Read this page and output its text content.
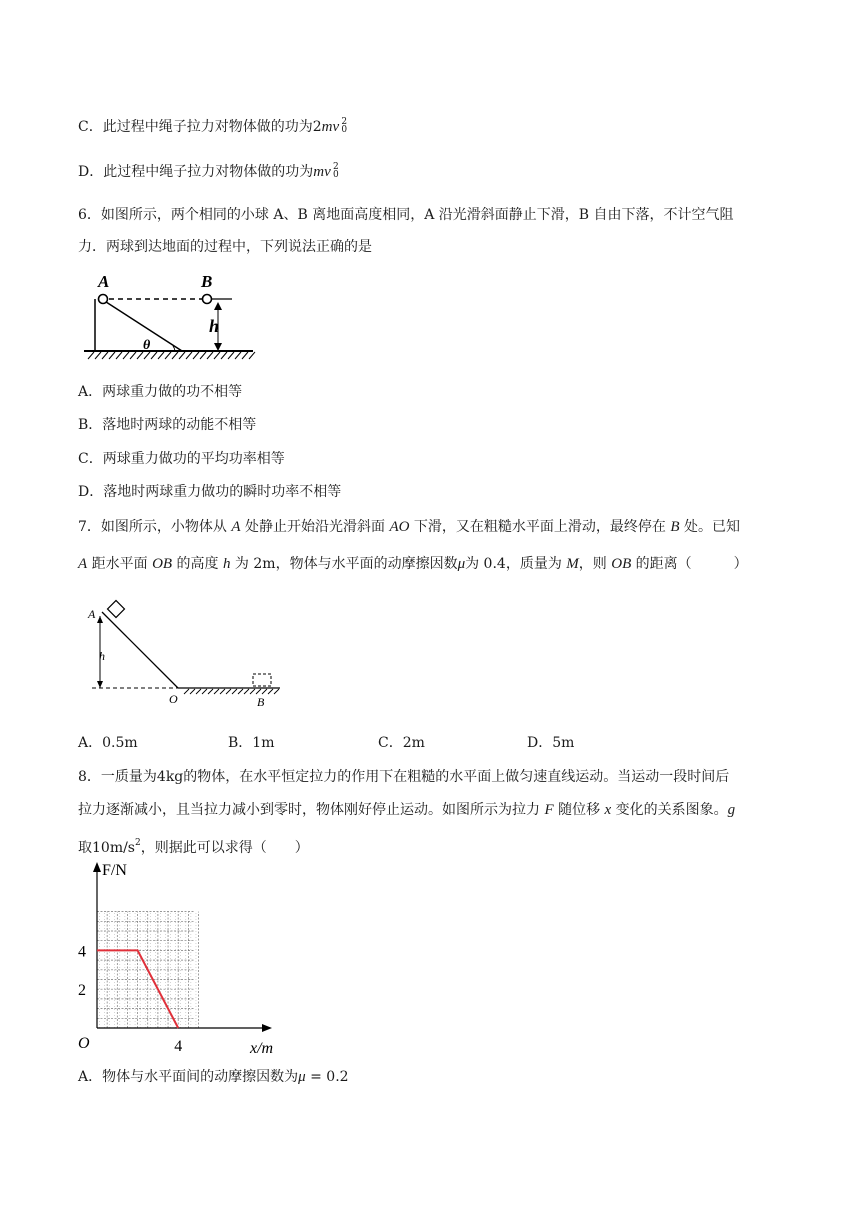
C．此过程中绳子拉力对物体做的功为2mv 2
0
D．此过程中绳子拉力对物体做的功为mv 2
0
6．如图所示，两个相同的小球 A、B 离地面高度相同，A 沿光滑斜面静止下滑，B 自由下落，不计空气阻
力．两球到达地面的过程中，下列说法正确的是
A	B
h
θ
A．两球重力做的功不相等
B．落地时两球的动能不相等
C．两球重力做功的平均功率相等
D．落地时两球重力做功的瞬时功率不相等
7．如图所示，小物体从 A 处静止开始沿光滑斜面 AO 下滑，又在粗糙水平面上滑动，最终停在 B 处。已知
A 距水平面 OB 的高度 h 为 2m，物体与水平面的动摩擦因数μ为 0.4，质量为 M，则 OB 的距离（　　　）
A
h
O	B
A．0.5m	B．1m	C．2m	D．5m
8．一质量为4kg的物体，在水平恒定拉力的作用下在粗糙的水平面上做匀速直线运动。当运动一段时间后
拉力逐渐减小，且当拉力减小到零时，物体刚好停止运动。如图所示为拉力 F 随位移 x 变化的关系图象。g
取$10m/s^2$，则据此可以求得（　　）
F/N
x/m
O
2
4
4
A．物体与水平面间的动摩擦因数为μ = 0.2
